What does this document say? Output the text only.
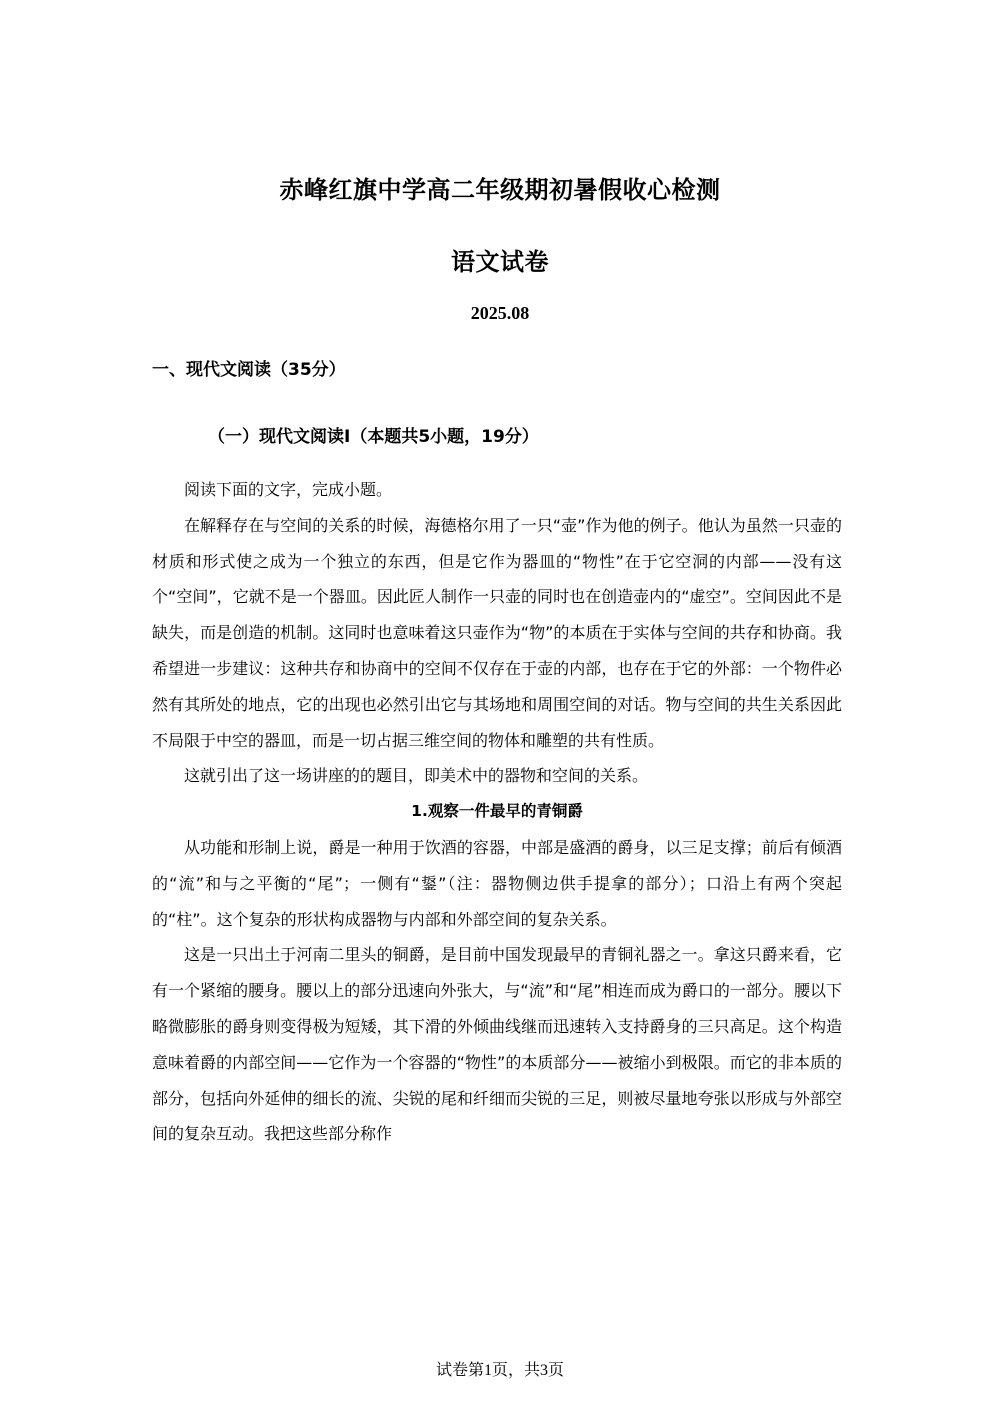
赤峰红旗中学高二年级期初暑假收心检测
语文试卷
2025.08
一、现代文阅读（35分）
（一）现代文阅读Ⅰ（本题共5小题，19分）

阅读下面的文字，完成小题。

在解释存在与空间的关系的时候，海德格尔用了一只“壶”作为他的例子。他认为虽然一只壶的材质和形式使之成为一个独立的东西，但是它作为器皿的“物性”在于它空洞的内部——没有这个“空间”，它就不是一个器皿。因此匠人制作一只壶的同时也在创造壶内的“虚空”。空间因此不是缺失，而是创造的机制。这同时也意味着这只壶作为“物”的本质在于实体与空间的共存和协商。我希望进一步建议：这种共存和协商中的空间不仅存在于壶的内部，也存在于它的外部：一个物件必然有其所处的地点，它的出现也必然引出它与其场地和周围空间的对话。物与空间的共生关系因此不局限于中空的器皿，而是一切占据三维空间的物体和雕塑的共有性质。

这就引出了这一场讲座的的题目，即美术中的器物和空间的关系。

1.观察一件最早的青铜爵

从功能和形制上说，爵是一种用于饮酒的容器，中部是盛酒的爵身，以三足支撑；前后有倾酒的“流”和与之平衡的“尾”；一侧有“鋬”（注：器物侧边供手提拿的部分）；口沿上有两个突起的“柱”。这个复杂的形状构成器物与内部和外部空间的复杂关系。

这是一只出土于河南二里头的铜爵，是目前中国发现最早的青铜礼器之一。拿这只爵来看，它有一个紧缩的腰身。腰以上的部分迅速向外张大，与“流”和“尾”相连而成为爵口的一部分。腰以下略微膨胀的爵身则变得极为短矮，其下滑的外倾曲线继而迅速转入支持爵身的三只高足。这个构造意味着爵的内部空间——它作为一个容器的“物性”的本质部分——被缩小到极限。而它的非本质的部分，包括向外延伸的细长的流、尖锐的尾和纤细而尖锐的三足，则被尽量地夸张以形成与外部空间的复杂互动。我把这些部分称作

试卷第1页，共3页
